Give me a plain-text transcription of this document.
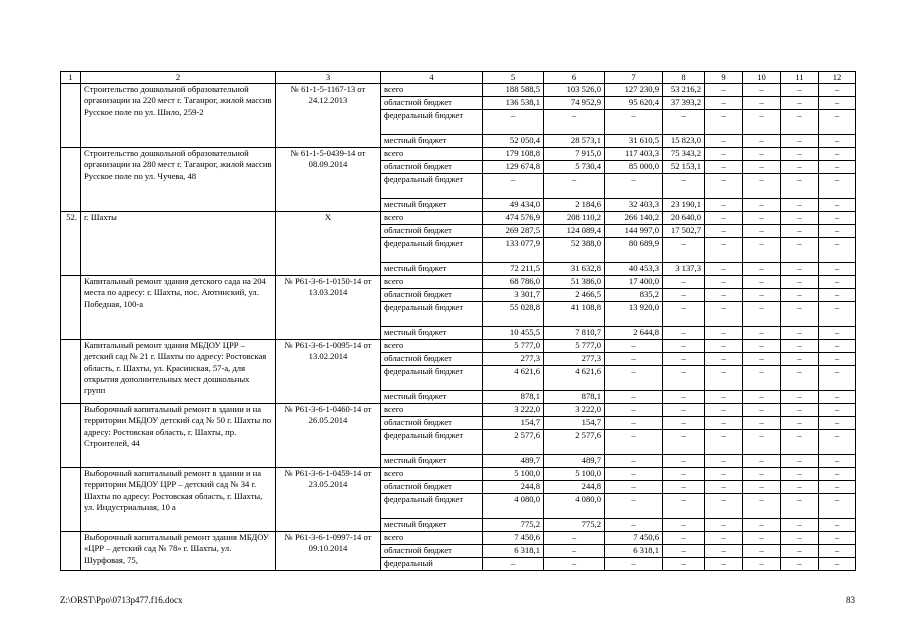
1	2	3	4	5	6	7	8	9	10	11	12
	Строительство дошкольной образовательной организации на 220 мест г. Таганрог, жилой массив Русское поле по ул. Шило, 259-2	№ 61-1-5-1167-13 от 24.12.2013	всего	188 588,5	103 526,0	127 230,9	53 216,2	–	–	–	–
			областной бюджет	136 538,1	74 952,9	95 620,4	37 393,2	–	–	–	–
			федеральный бюджет	–	–	–	–	–	–	–	–
			местный бюджет	52 050,4	28 573,1	31 610,5	15 823,0	–	–	–	–
	Строительство дошкольной образовательной организации на 280 мест г. Таганрог, жилой массив Русское поле по ул. Чучева, 48	№ 61-1-5-0439-14 от 08.09.2014	всего	179 108,8	7 915,0	117 403,3	75 343,2	–	–	–	–
			областной бюджет	129 674,8	5 730,4	85 000,0	52 153,1	–	–	–	–
			федеральный бюджет	–	–	–	–	–	–	–	–
			местный бюджет	49 434,0	2 184,6	32 403,3	23 190,1	–	–	–	–
52.	г. Шахты	X	всего	474 576,9	208 110,2	266 140,2	20 640,0	–	–	–	–
			областной бюджет	269 287,5	124 089,4	144 997,0	17 502,7	–	–	–	–
			федеральный бюджет	133 077,9	52 388,0	80 689,9	–	–	–	–	–
			местный бюджет	72 211,5	31 632,8	40 453,3	3 137,3	–	–	–	–
	Капитальный ремонт здания детского сада на 204 места по адресу: г. Шахты, пос. Аютинский, ул. Победная, 100-а	№ Р61-3-6-1-0150-14 от 13.03.2014	всего	68 786,0	51 386,0	17 400,0	–	–	–	–	–
			областной бюджет	3 301,7	2 466,5	835,2	–	–	–	–	–
			федеральный бюджет	55 028,8	41 108,8	13 920,0	–	–	–	–	–
			местный бюджет	10 455,5	7 810,7	2 644,8	–	–	–	–	–
	Капитальный ремонт здания МБДОУ ЦРР – детский сад № 21 г. Шахты по адресу: Ростовская область, г. Шахты, ул. Красинская, 57-а, для открытия дополнительных мест дошкольных групп	№ Р61-3-6-1-0095-14 от 13.02.2014	всего	5 777,0	5 777,0	–	–	–	–	–	–
			областной бюджет	277,3	277,3	–	–	–	–	–	–
			федеральный бюджет	4 621,6	4 621,6	–	–	–	–	–	–
			местный бюджет	878,1	878,1	–	–	–	–	–	–
	Выборочный капитальный ремонт в здании и на территории МБДОУ детский сад № 50 г. Шахты по адресу: Ростовская область, г. Шахты, пр. Строителей, 44	№ Р61-3-6-1-0460-14 от 26.05.2014	всего	3 222,0	3 222,0	–	–	–	–	–	–
			областной бюджет	154,7	154,7	–	–	–	–	–	–
			федеральный бюджет	2 577,6	2 577,6	–	–	–	–	–	–
			местный бюджет	489,7	489,7	–	–	–	–	–	–
	Выборочный капитальный ремонт в здании и на территории МБДОУ ЦРР – детский сад № 34 г. Шахты по адресу: Ростовская область, г. Шахты, ул. Индустриальная, 10 а	№ Р61-3-6-1-0459-14 от 23.05.2014	всего	5 100,0	5 100,0	–	–	–	–	–	–
			областной бюджет	244,8	244,8	–	–	–	–	–	–
			федеральный бюджет	4 080,0	4 080,0	–	–	–	–	–	–
			местный бюджет	775,2	775,2	–	–	–	–	–	–
	Выборочный капитальный ремонт здания МБДОУ «ЦРР – детский сад № 78» г. Шахты, ул. Шурфовая, 75,	№ Р61-3-6-1-0997-14 от 09.10.2014	всего	7 450,6	–	7 450,6	–	–	–	–	–
			областной бюджет	6 318,1	–	6 318,1	–	–	–	–	–
			федеральный	–	–	–	–	–	–	–	–
Z:\ORST\Ppo\0713p477.f16.docx	83
